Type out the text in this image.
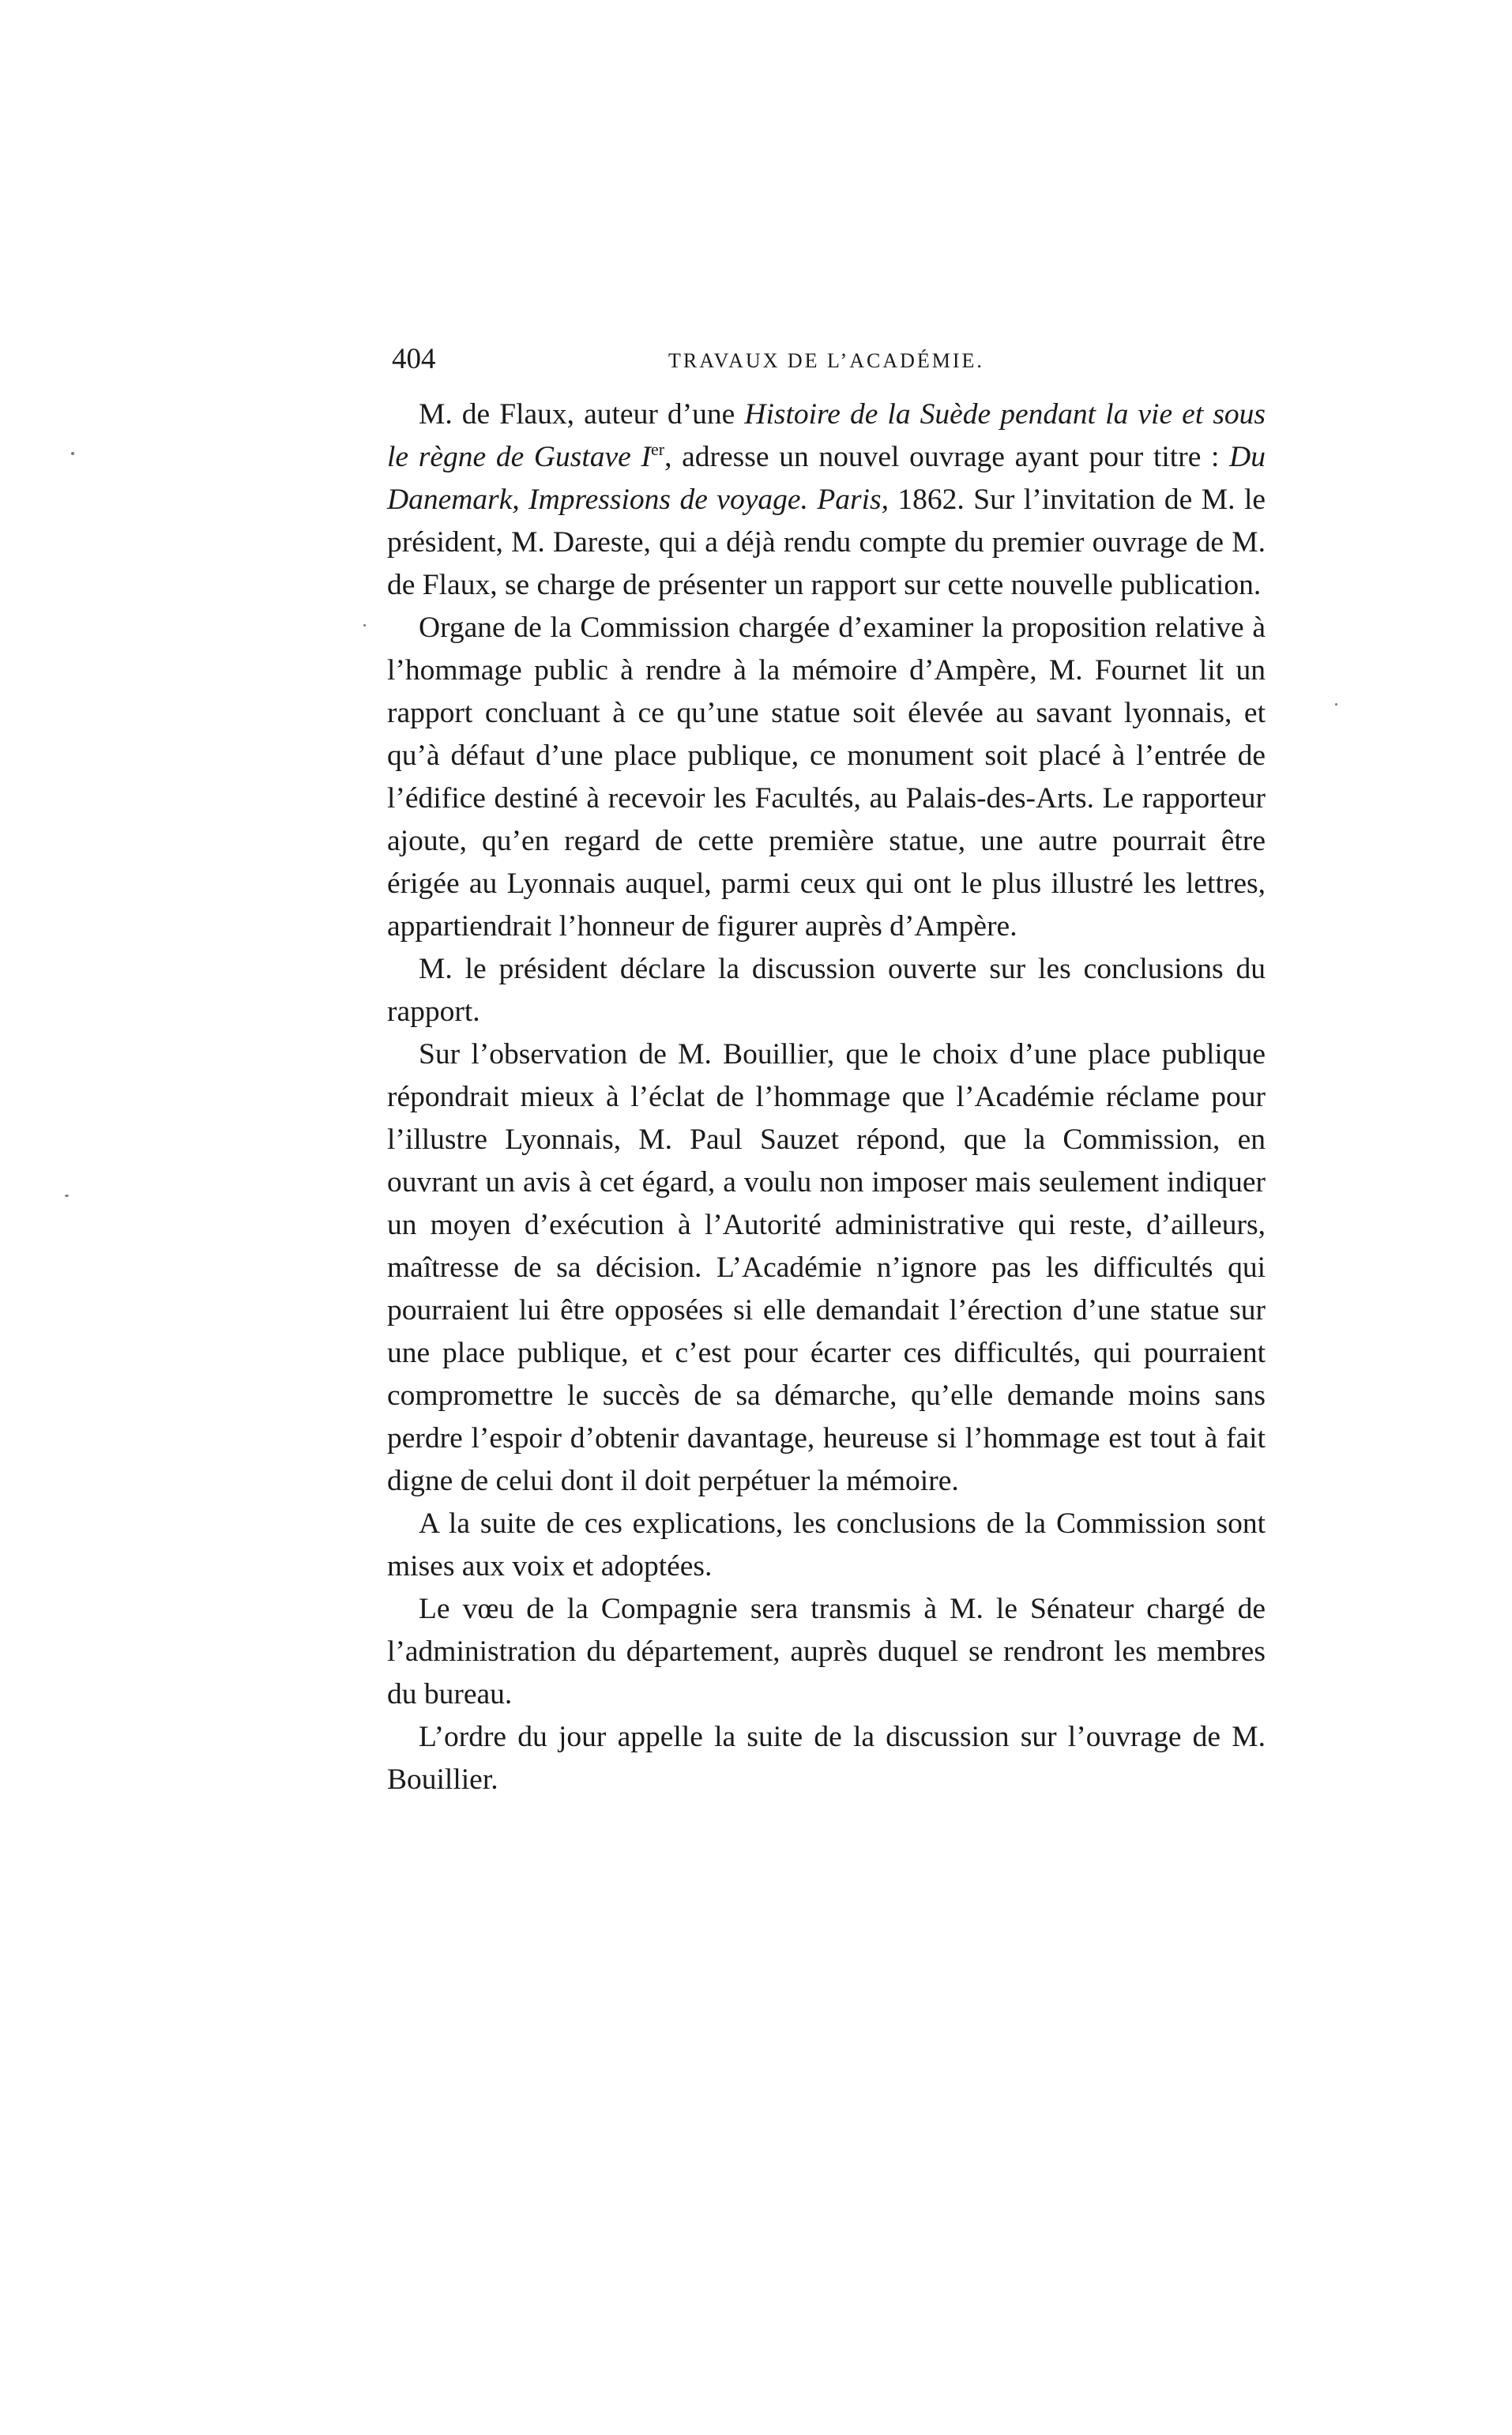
404	TRAVAUX DE L’ACADÉMIE.

M. de Flaux, auteur d’une Histoire de la Suède pendant la vie et sous le règne de Gustave Ier, adresse un nouvel ouvrage ayant pour titre : Du Danemark, Impressions de voyage. Paris, 1862. Sur l’invitation de M. le président, M. Dareste, qui a déjà rendu compte du premier ouvrage de M. de Flaux, se charge de présenter un rapport sur cette nouvelle publication.

Organe de la Commission chargée d’examiner la proposition relative à l’hommage public à rendre à la mémoire d’Ampère, M. Fournet lit un rapport concluant à ce qu’une statue soit élevée au savant lyonnais, et qu’à défaut d’une place publique, ce monument soit placé à l’entrée de l’édifice destiné à recevoir les Facultés, au Palais-des-Arts. Le rapporteur ajoute, qu’en regard de cette première statue, une autre pourrait être érigée au Lyonnais auquel, parmi ceux qui ont le plus illustré les lettres, appartiendrait l’honneur de figurer auprès d’Ampère.

M. le président déclare la discussion ouverte sur les conclusions du rapport.

Sur l’observation de M. Bouillier, que le choix d’une place publique répondrait mieux à l’éclat de l’hommage que l’Académie réclame pour l’illustre Lyonnais, M. Paul Sauzet répond, que la Commission, en ouvrant un avis à cet égard, a voulu non imposer mais seulement indiquer un moyen d’exécution à l’Autorité administrative qui reste, d’ailleurs, maîtresse de sa décision. L’Académie n’ignore pas les difficultés qui pourraient lui être opposées si elle demandait l’érection d’une statue sur une place publique, et c’est pour écarter ces difficultés, qui pourraient compromettre le succès de sa démarche, qu’elle demande moins sans perdre l’espoir d’obtenir davantage, heureuse si l’hommage est tout à fait digne de celui dont il doit perpétuer la mémoire.

A la suite de ces explications, les conclusions de la Commission sont mises aux voix et adoptées.

Le vœu de la Compagnie sera transmis à M. le Sénateur chargé de l’administration du département, auprès duquel se rendront les membres du bureau.

L’ordre du jour appelle la suite de la discussion sur l’ouvrage de M. Bouillier.
